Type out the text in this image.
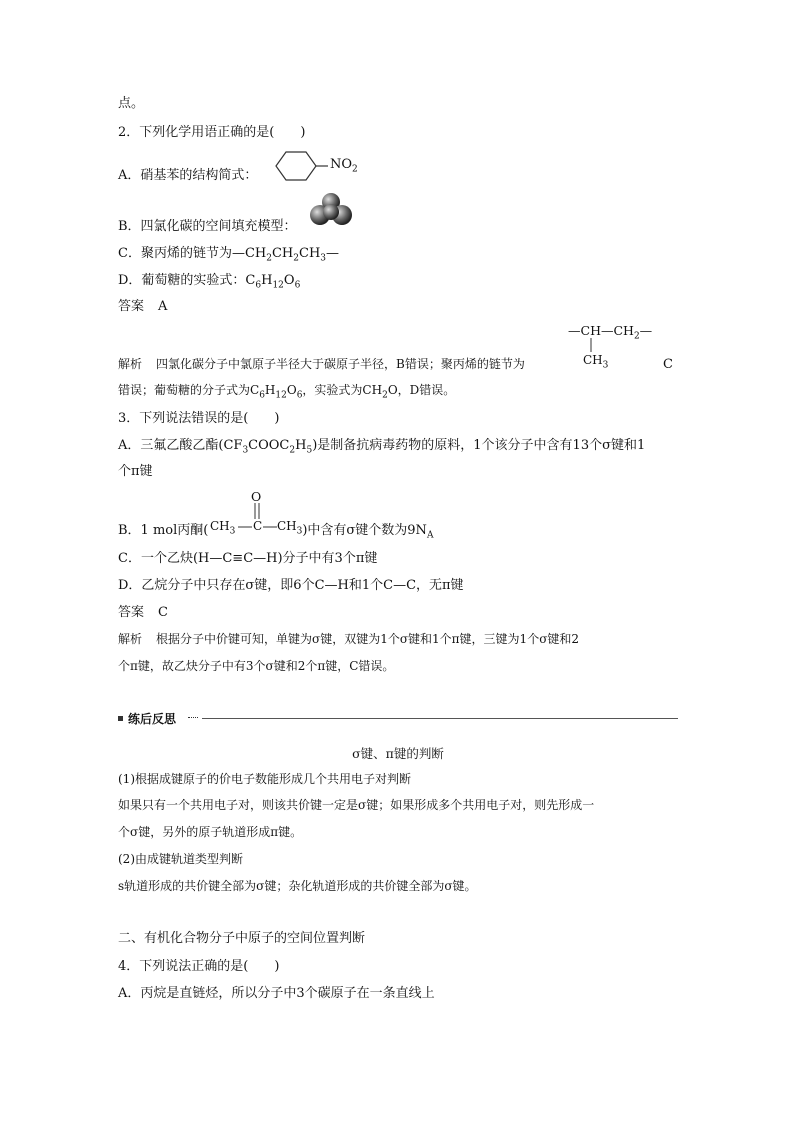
点。
2．下列化学用语正确的是(　　)
A．硝基苯的结构简式：
$NO_2$
B．四氯化碳的空间填充模型：
C．聚丙烯的链节为$—CH_2CH_2CH_3—$
D．葡萄糖的实验式：$C_6H_{12}O_6$
答案 A
$—CH—CH_2—$
$CH_3$
解析 四氯化碳分子中氯原子半径大于碳原子半径，B错误；聚丙烯的链节为	C
错误；葡萄糖的分子式为$C_6H_{12}O_6$，实验式为$CH_2O$，D错误。
3．下列说法错误的是(　　)
A．三氟乙酸乙酯$(CF_3COOC_2H_5)$是制备抗病毒药物的原料，1个该分子中含有13个σ键和1
个π键
B．1 mol丙酮(	)中含有σ键个数为$9N_A$
O
$CH_3$ C $CH_3$
C．一个乙炔(H—C≡C—H)分子中有3个π键
D．乙烷分子中只存在σ键，即6个C—H和1个C—C，无π键
答案 C
解析 根据分子中价键可知，单键为σ键，双键为1个σ键和1个π键，三键为1个σ键和2
个π键，故乙炔分子中有3个σ键和2个π键，C错误。
练后反思
σ键、π键的判断
(1)根据成键原子的价电子数能形成几个共用电子对判断
如果只有一个共用电子对，则该共价键一定是σ键；如果形成多个共用电子对，则先形成一
个σ键，另外的原子轨道形成π键。
(2)由成键轨道类型判断
s轨道形成的共价键全部为σ键；杂化轨道形成的共价键全部为σ键。
二、有机化合物分子中原子的空间位置判断
4．下列说法正确的是(　　)
A．丙烷是直链烃，所以分子中3个碳原子在一条直线上
